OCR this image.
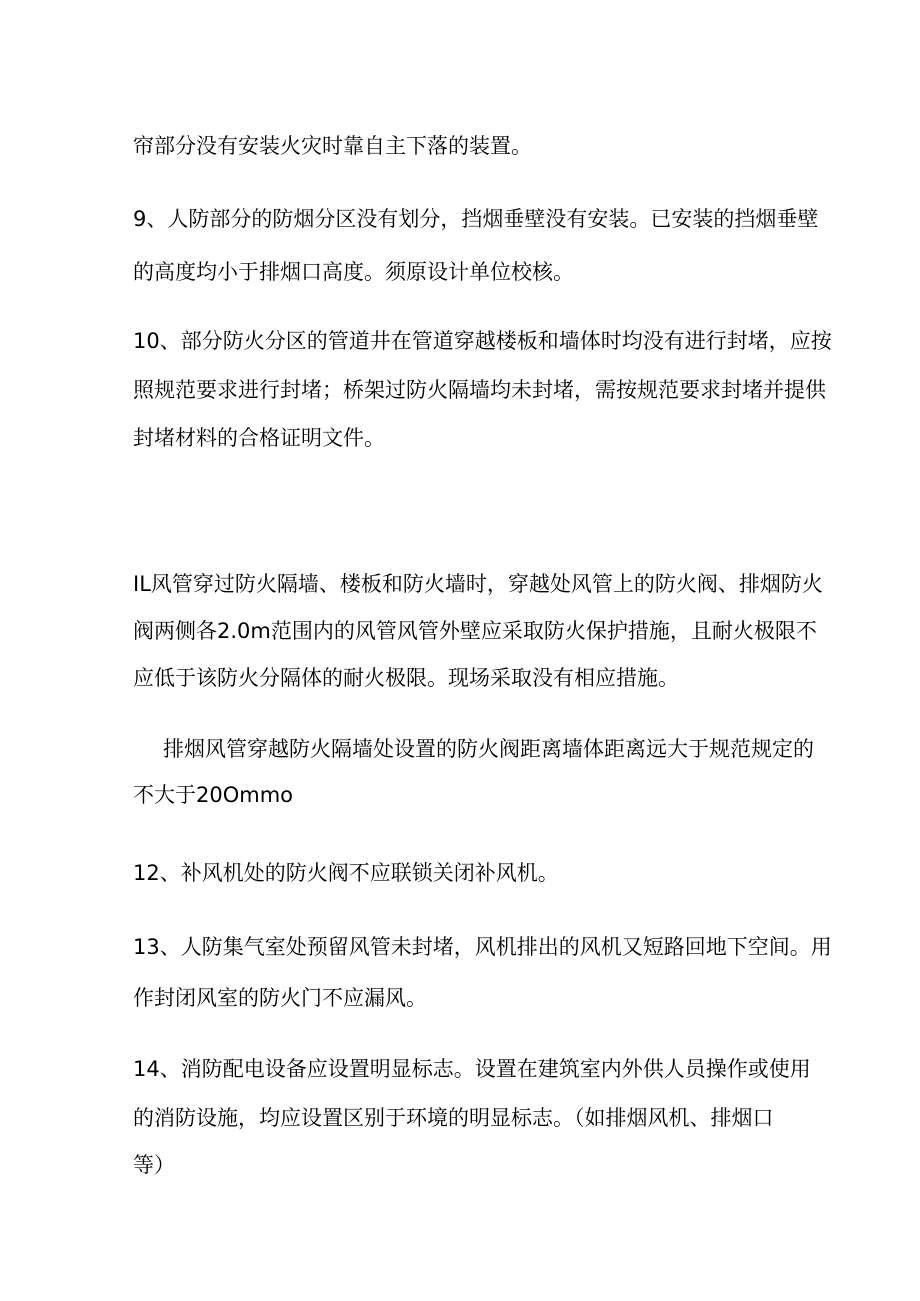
帘部分没有安装火灾时靠自主下落的装置。
9、人防部分的防烟分区没有划分，挡烟垂壁没有安装。已安装的挡烟垂壁
的高度均小于排烟口高度。须原设计单位校核。
10、部分防火分区的管道井在管道穿越楼板和墙体时均没有进行封堵，应按
照规范要求进行封堵；桥架过防火隔墙均未封堵，需按规范要求封堵并提供
封堵材料的合格证明文件。
IL风管穿过防火隔墙、楼板和防火墙时，穿越处风管上的防火阀、排烟防火
阀两侧各2.0m范围内的风管风管外壁应采取防火保护措施，且耐火极限不
应低于该防火分隔体的耐火极限。现场采取没有相应措施。
排烟风管穿越防火隔墙处设置的防火阀距离墙体距离远大于规范规定的
不大于20Ommo
12、补风机处的防火阀不应联锁关闭补风机。
13、人防集气室处预留风管未封堵，风机排出的风机又短路回地下空间。用
作封闭风室的防火门不应漏风。
14、消防配电设备应设置明显标志。设置在建筑室内外供人员操作或使用
的消防设施，均应设置区别于环境的明显标志。（如排烟风机、排烟口
等）
